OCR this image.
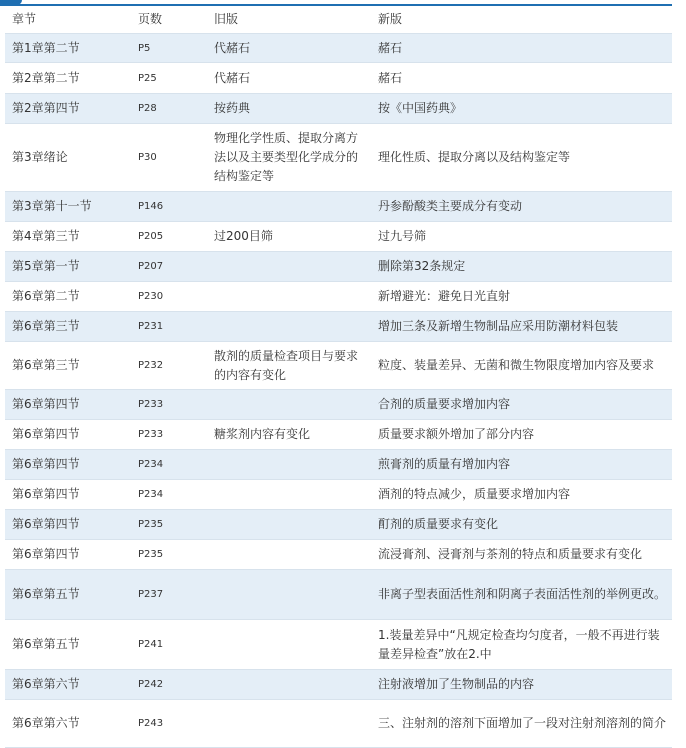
章节	页数	旧版	新版
第1章第二节	P5	代赭石	赭石
第2章第二节	P25	代赭石	赭石
第2章第四节	P28	按药典	按《中国药典》
第3章绪论	P30	物理化学性质、提取分离方法以及主要类型化学成分的结构鉴定等	理化性质、提取分离以及结构鉴定等
第3章第十一节	P146		丹参酚酸类主要成分有变动
第4章第三节	P205	过200目筛	过九号筛
第5章第一节	P207		删除第32条规定
第6章第二节	P230		新增避光：避免日光直射
第6章第三节	P231		增加三条及新增生物制品应采用防潮材料包装
第6章第三节	P232	散剂的质量检查项目与要求的内容有变化	粒度、装量差异、无菌和微生物限度增加内容及要求
第6章第四节	P233		合剂的质量要求增加内容
第6章第四节	P233	糖浆剂内容有变化	质量要求额外增加了部分内容
第6章第四节	P234		煎膏剂的质量有增加内容
第6章第四节	P234		酒剂的特点减少，质量要求增加内容
第6章第四节	P235		酊剂的质量要求有变化
第6章第四节	P235		流浸膏剂、浸膏剂与茶剂的特点和质量要求有变化
第6章第五节	P237		非离子型表面活性剂和阴离子表面活性剂的举例更改。
第6章第五节	P241		1.装量差异中“凡规定检查均匀度者，一般不再进行装量差异检查”放在2.中
第6章第六节	P242		注射液增加了生物制品的内容
第6章第六节	P243		三、注射剂的溶剂下面增加了一段对注射剂溶剂的简介
